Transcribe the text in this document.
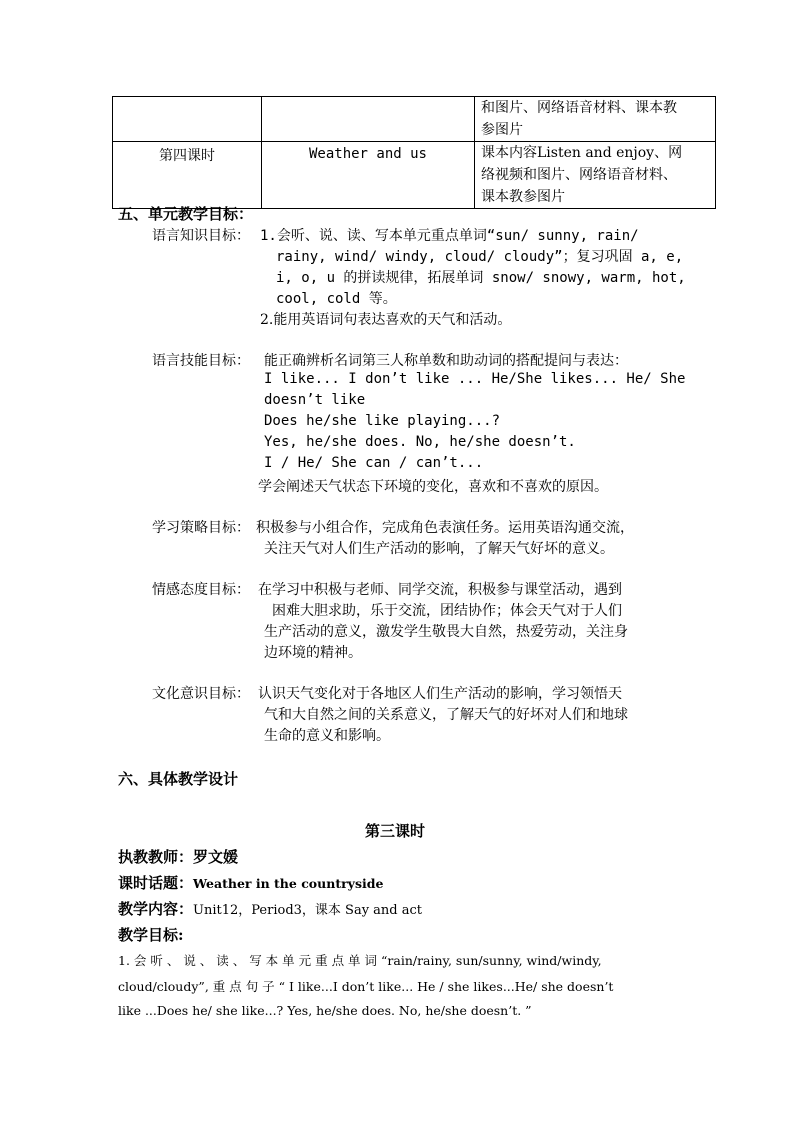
		和图片、网络语音材料、课本教
参图片

第四课时	Weather and us	课本内容Listen and enjoy、网
络视频和图片、网络语音材料、
课本教参图片
五、单元教学目标：
语言知识目标： 1.会听、说、读、写本单元重点单词“sun/ sunny, rain/
rainy, wind/ windy, cloud/ cloudy”；复习巩固 a, e,
i, o, u 的拼读规律，拓展单词 snow/ snowy, warm, hot,
cool, cold 等。
2.能用英语词句表达喜欢的天气和活动。
语言技能目标： 能正确辨析名词第三人称单数和助动词的搭配提问与表达：
I like... I don’t like ... He/She likes... He/ She
doesn’t like
Does he/she like playing...?
Yes, he/she does. No, he/she doesn’t.
I / He/ She can / can’t...
学会阐述天气状态下环境的变化，喜欢和不喜欢的原因。
学习策略目标： 积极参与小组合作，完成角色表演任务。运用英语沟通交流，
关注天气对人们生产活动的影响，了解天气好坏的意义。
情感态度目标： 在学习中积极与老师、同学交流，积极参与课堂活动，遇到
困难大胆求助，乐于交流，团结协作；体会天气对于人们
生产活动的意义，激发学生敬畏大自然，热爱劳动，关注身
边环境的精神。
文化意识目标： 认识天气变化对于各地区人们生产活动的影响，学习领悟天
气和大自然之间的关系意义，了解天气的好坏对人们和地球
生命的意义和影响。
六、具体教学设计
第三课时
执教教师：罗文媛
课时话题：Weather in the countryside
教学内容：Unit12，Period3，课本 Say and act
教学目标:
1. 会 听 、 说 、 读 、 写 本 单 元 重 点 单 词 “rain/rainy, sun/sunny, wind/windy,
cloud/cloudy”, 重 点 句 子 “ I like...I don’t like... He / she likes...He/ she doesn’t
like ...Does he/ she like...? Yes, he/she does. No, he/she doesn’t. ”
